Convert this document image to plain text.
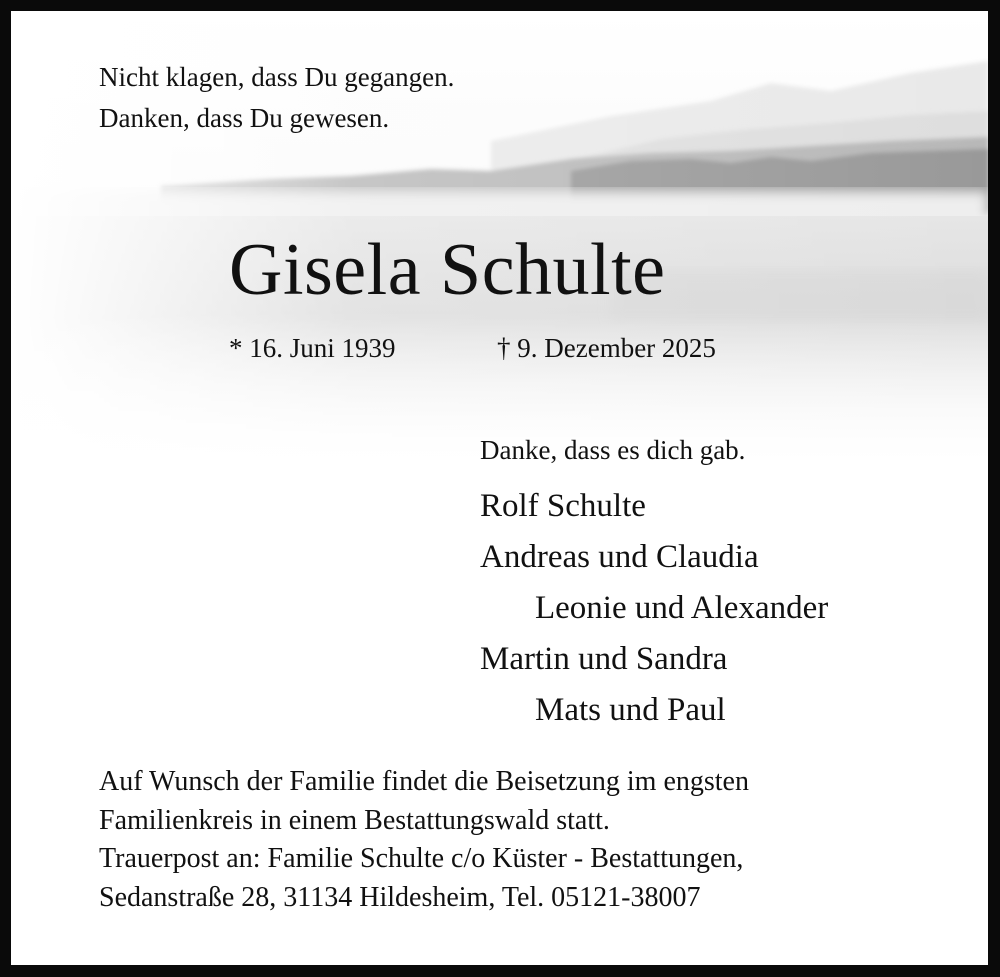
Nicht klagen, dass Du gegangen.
Danken, dass Du gewesen.
Gisela Schulte
* 16. Juni 1939	† 9. Dezember 2025
Danke, dass es dich gab.
Rolf Schulte
Andreas und Claudia
Leonie und Alexander
Martin und Sandra
Mats und Paul
Auf Wunsch der Familie findet die Beisetzung im engsten
Familienkreis in einem Bestattungswald statt.
Trauerpost an: Familie Schulte c/o Küster - Bestattungen,
Sedanstraße 28, 31134 Hildesheim, Tel. 05121-38007
